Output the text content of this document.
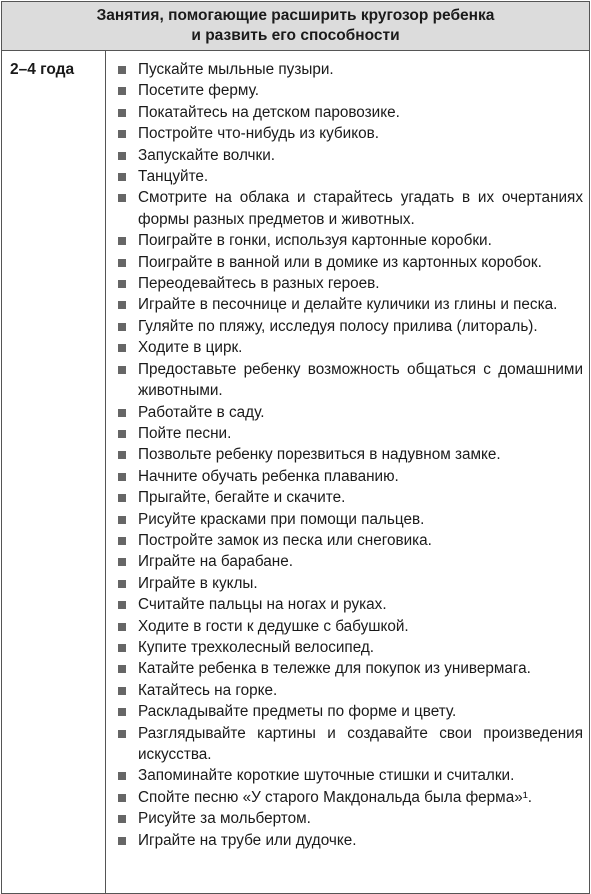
Занятия, помогающие расширить кругозор ребенка
и развить его способности

2–4 года	Пускайте мыльные пузыри.
Посетите ферму.
Покатайтесь на детском паровозике.
Постройте что-нибудь из кубиков.
Запускайте волчки.
Танцуйте.
Смотрите на облака и старайтесь угадать в их очертаниях формы разных предметов и животных.
Поиграйте в гонки, используя картонные коробки.
Поиграйте в ванной или в домике из картонных коробок.
Переодевайтесь в разных героев.
Играйте в песочнице и делайте куличики из глины и песка.
Гуляйте по пляжу, исследуя полосу прилива (литораль).
Ходите в цирк.
Предоставьте ребенку возможность общаться с домашними животными.
Работайте в саду.
Пойте песни.
Позвольте ребенку порезвиться в надувном замке.
Начните обучать ребенка плаванию.
Прыгайте, бегайте и скачите.
Рисуйте красками при помощи пальцев.
Постройте замок из песка или снеговика.
Играйте на барабане.
Играйте в куклы.
Считайте пальцы на ногах и руках.
Ходите в гости к дедушке с бабушкой.
Купите трехколесный велосипед.
Катайте ребенка в тележке для покупок из универмага.
Катайтесь на горке.
Раскладывайте предметы по форме и цвету.
Разглядывайте картины и создавайте свои произведения искусства.
Запоминайте короткие шуточные стишки и считалки.
Спойте песню «У старого Макдональда была ферма»¹.
Рисуйте за мольбертом.
Играйте на трубе или дудочке.
